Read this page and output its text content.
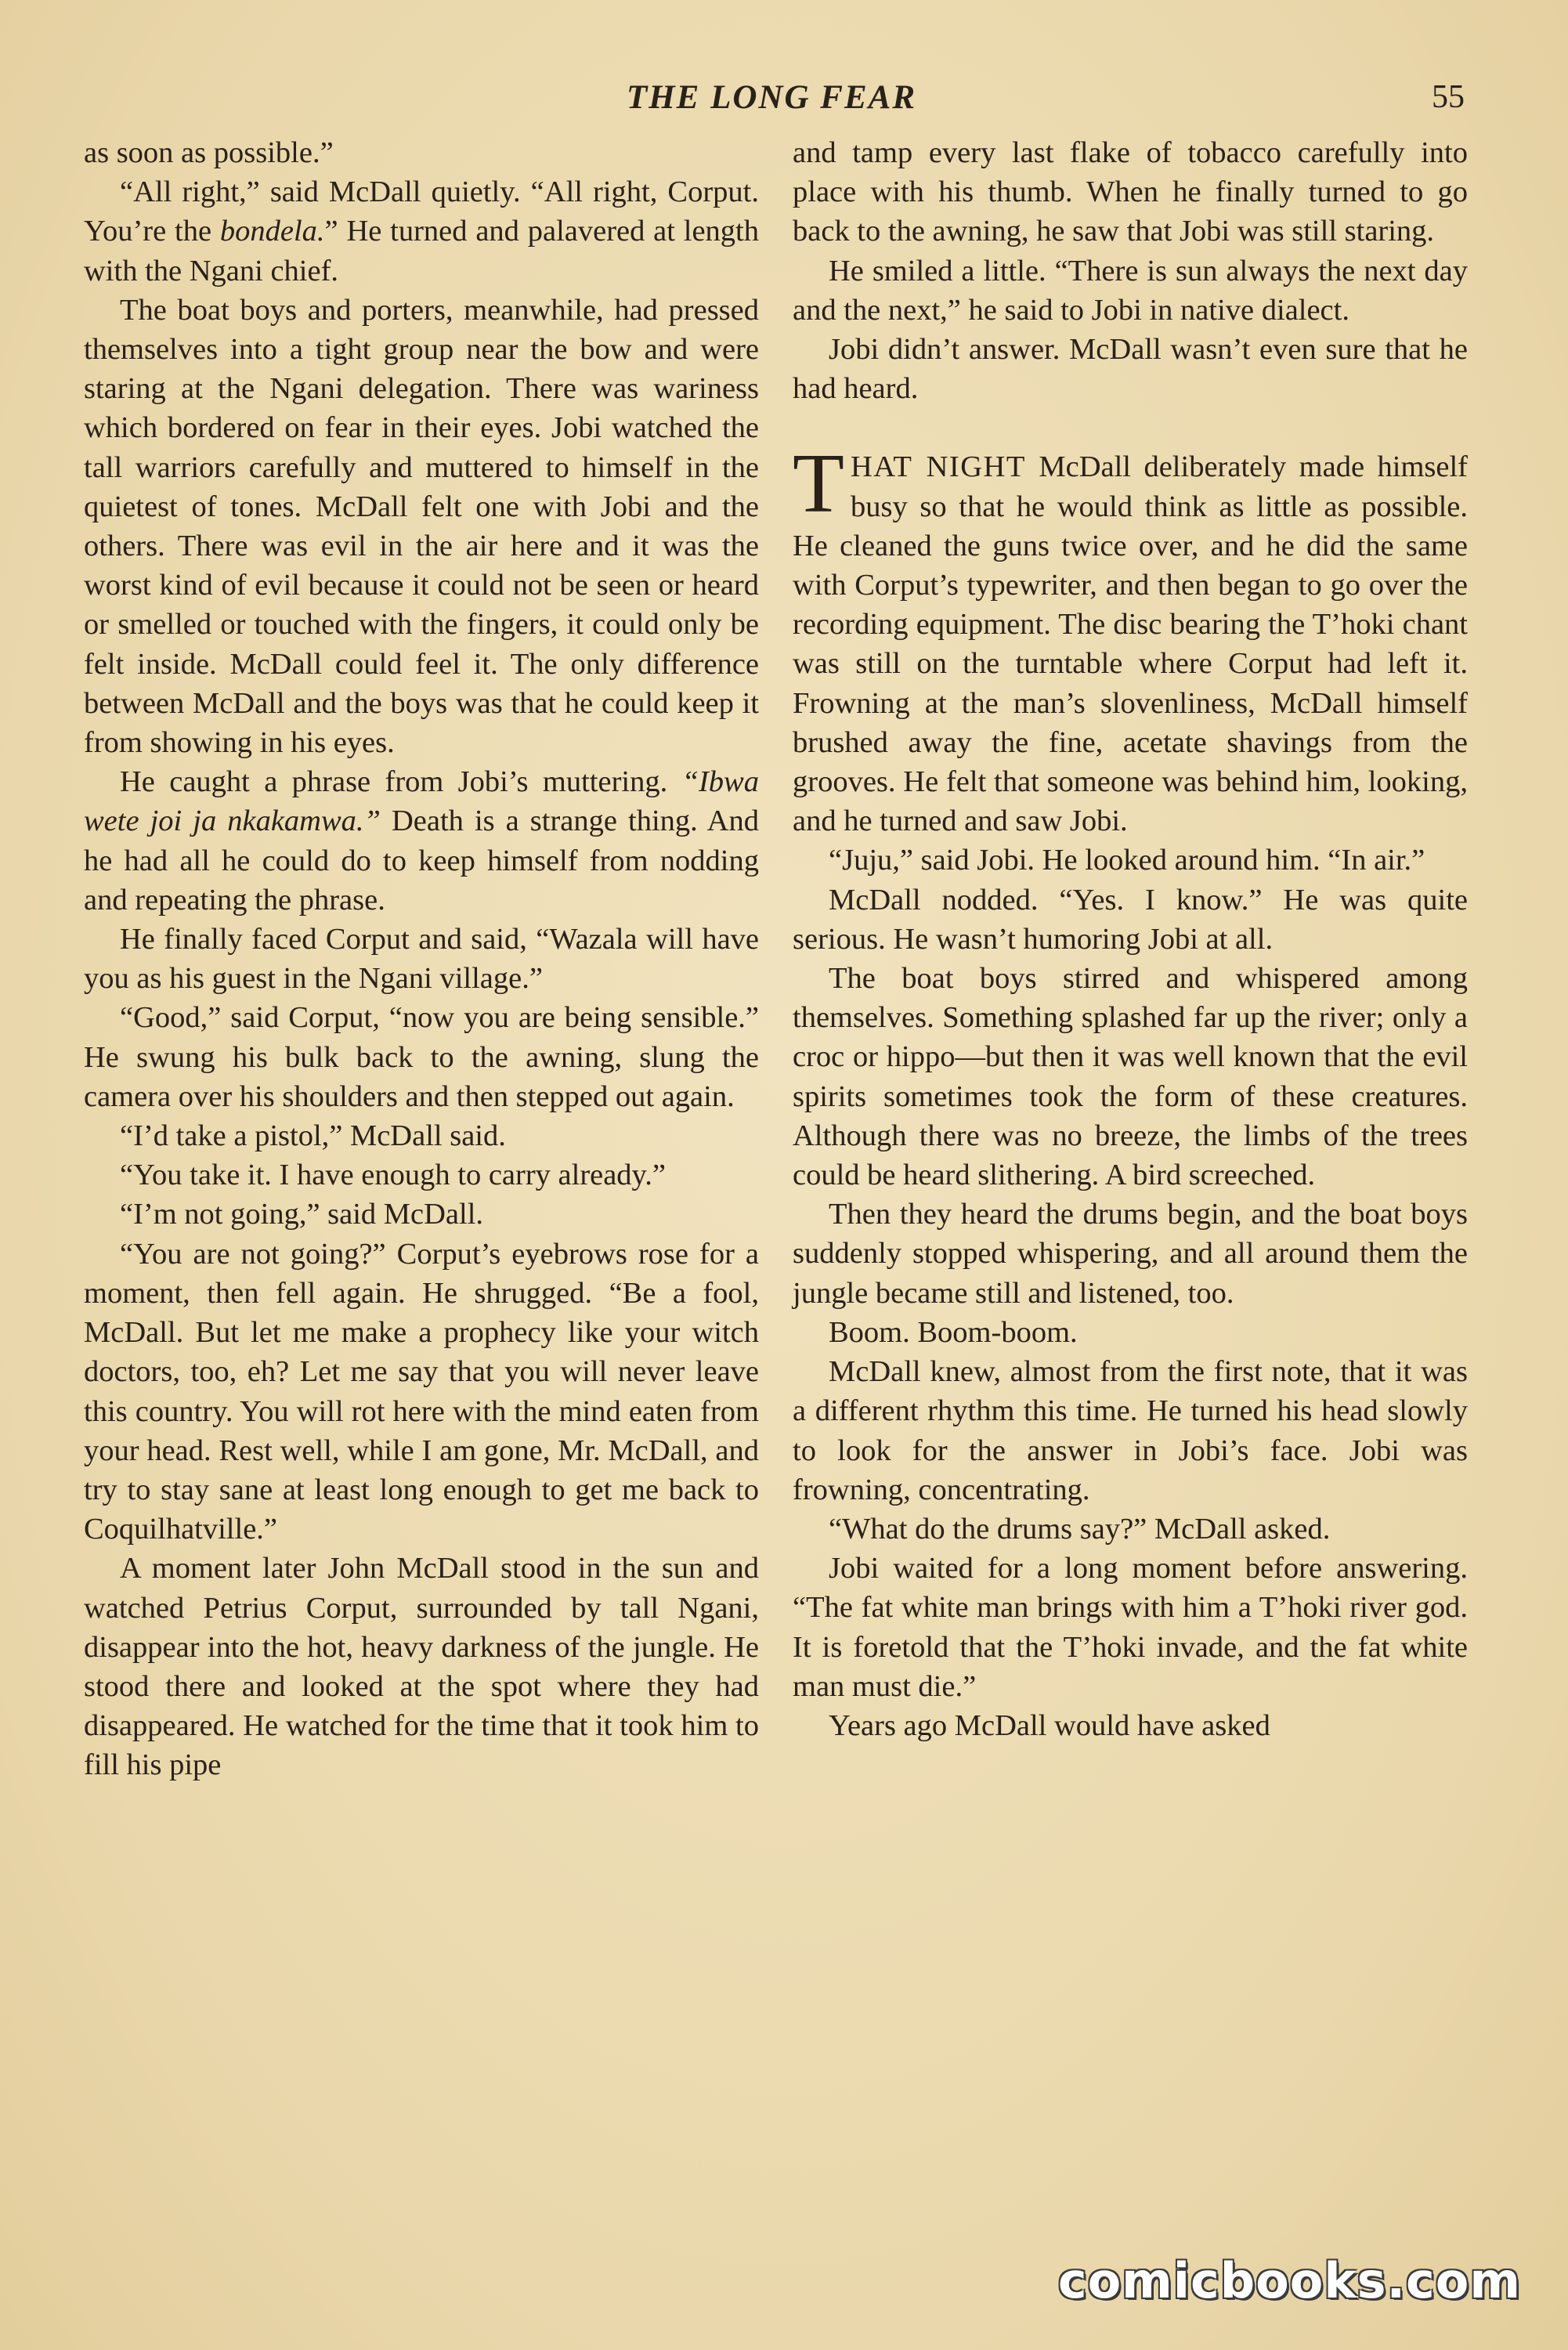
THE LONG FEAR	55

as soon as possible.”

“All right,” said McDall quietly. “All right, Corput. You’re the bondela.” He turned and palavered at length with the Ngani chief.

The boat boys and porters, meanwhile, had pressed themselves into a tight group near the bow and were staring at the Ngani delegation. There was wariness which bordered on fear in their eyes. Jobi watched the tall warriors carefully and muttered to himself in the quietest of tones. McDall felt one with Jobi and the others. There was evil in the air here and it was the worst kind of evil because it could not be seen or heard or smelled or touched with the fingers, it could only be felt inside. McDall could feel it. The only difference between McDall and the boys was that he could keep it from showing in his eyes.

He caught a phrase from Jobi’s muttering. “Ibwa wete joi ja nkakamwa.” Death is a strange thing. And he had all he could do to keep himself from nodding and repeating the phrase.

He finally faced Corput and said, “Wazala will have you as his guest in the Ngani village.”

“Good,” said Corput, “now you are being sensible.” He swung his bulk back to the awning, slung the camera over his shoulders and then stepped out again.

“I’d take a pistol,” McDall said.

“You take it. I have enough to carry already.”

“I’m not going,” said McDall.

“You are not going?” Corput’s eyebrows rose for a moment, then fell again. He shrugged. “Be a fool, McDall. But let me make a prophecy like your witch doctors, too, eh? Let me say that you will never leave this country. You will rot here with the mind eaten from your head. Rest well, while I am gone, Mr. McDall, and try to stay sane at least long enough to get me back to Coquilhatville.”

A moment later John McDall stood in the sun and watched Petrius Corput, surrounded by tall Ngani, disappear into the hot, heavy darkness of the jungle. He stood there and looked at the spot where they had disappeared. He watched for the time that it took him to fill his pipe

and tamp every last flake of tobacco carefully into place with his thumb. When he finally turned to go back to the awning, he saw that Jobi was still staring.

He smiled a little. “There is sun always the next day and the next,” he said to Jobi in native dialect.

Jobi didn’t answer. McDall wasn’t even sure that he had heard.

THAT NIGHT McDall deliberately made himself busy so that he would think as little as possible. He cleaned the guns twice over, and he did the same with Corput’s typewriter, and then began to go over the recording equipment. The disc bearing the T’hoki chant was still on the turntable where Corput had left it. Frowning at the man’s slovenliness, McDall himself brushed away the fine, acetate shavings from the grooves. He felt that someone was behind him, looking, and he turned and saw Jobi.

“Juju,” said Jobi. He looked around him. “In air.”

McDall nodded. “Yes. I know.” He was quite serious. He wasn’t humoring Jobi at all.

The boat boys stirred and whispered among themselves. Something splashed far up the river; only a croc or hippo—but then it was well known that the evil spirits sometimes took the form of these creatures. Although there was no breeze, the limbs of the trees could be heard slithering. A bird screeched.

Then they heard the drums begin, and the boat boys suddenly stopped whispering, and all around them the jungle became still and listened, too.

Boom. Boom-boom.

McDall knew, almost from the first note, that it was a different rhythm this time. He turned his head slowly to look for the answer in Jobi’s face. Jobi was frowning, concentrating.

“What do the drums say?” McDall asked.

Jobi waited for a long moment before answering. “The fat white man brings with him a T’hoki river god. It is foretold that the T’hoki invade, and the fat white man must die.”

Years ago McDall would have asked

comicbooks.com
